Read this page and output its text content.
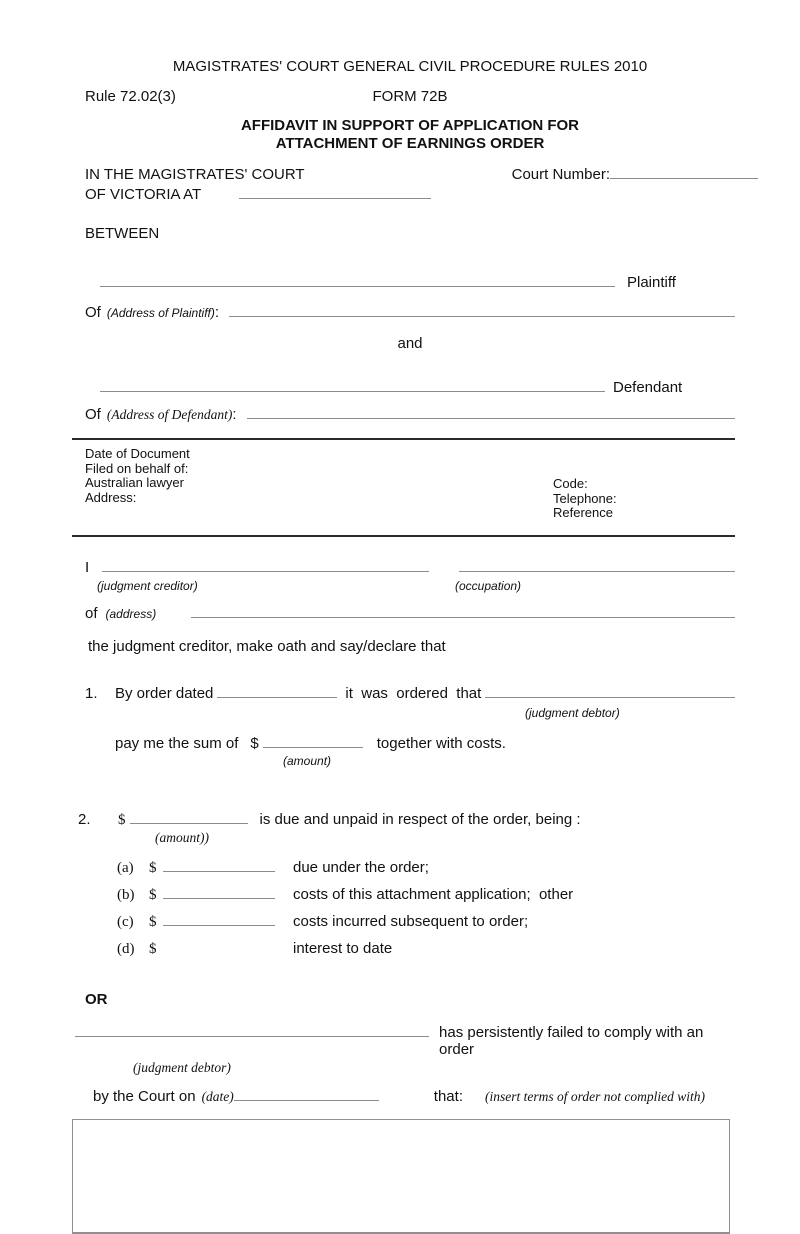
MAGISTRATES' COURT GENERAL CIVIL PROCEDURE RULES 2010
Rule 72.02(3)	FORM 72B
AFFIDAVIT IN SUPPORT OF APPLICATION FOR
ATTACHMENT OF EARNINGS ORDER
IN THE MAGISTRATES' COURT	Court Number:
OF VICTORIA AT
BETWEEN
Plaintiff
Of (Address of Plaintiff) :
and
Defendant
Of (Address of Defendant) :
Date of Document
Filed on behalf of:
Australian lawyer
Address:
Code:
Telephone:
Reference
I
(judgment creditor)	(occupation)
of (address)
the judgment creditor, make oath and say/declare that
1.	By order dated	it  was  ordered  that
(judgment debtor)
pay me the sum of $	together with costs.
(amount)
2.	$	is due and unpaid in respect of the order, being :
(amount))
(a)	$	due under the order;
(b) $	costs of this attachment application;  other
(c)	$	costs incurred subsequent to order;
(d) $	interest to date
OR
has persistently failed to comply with an order
(judgment debtor)
by the Court on (date)	that: (insert terms of order not complied with)
